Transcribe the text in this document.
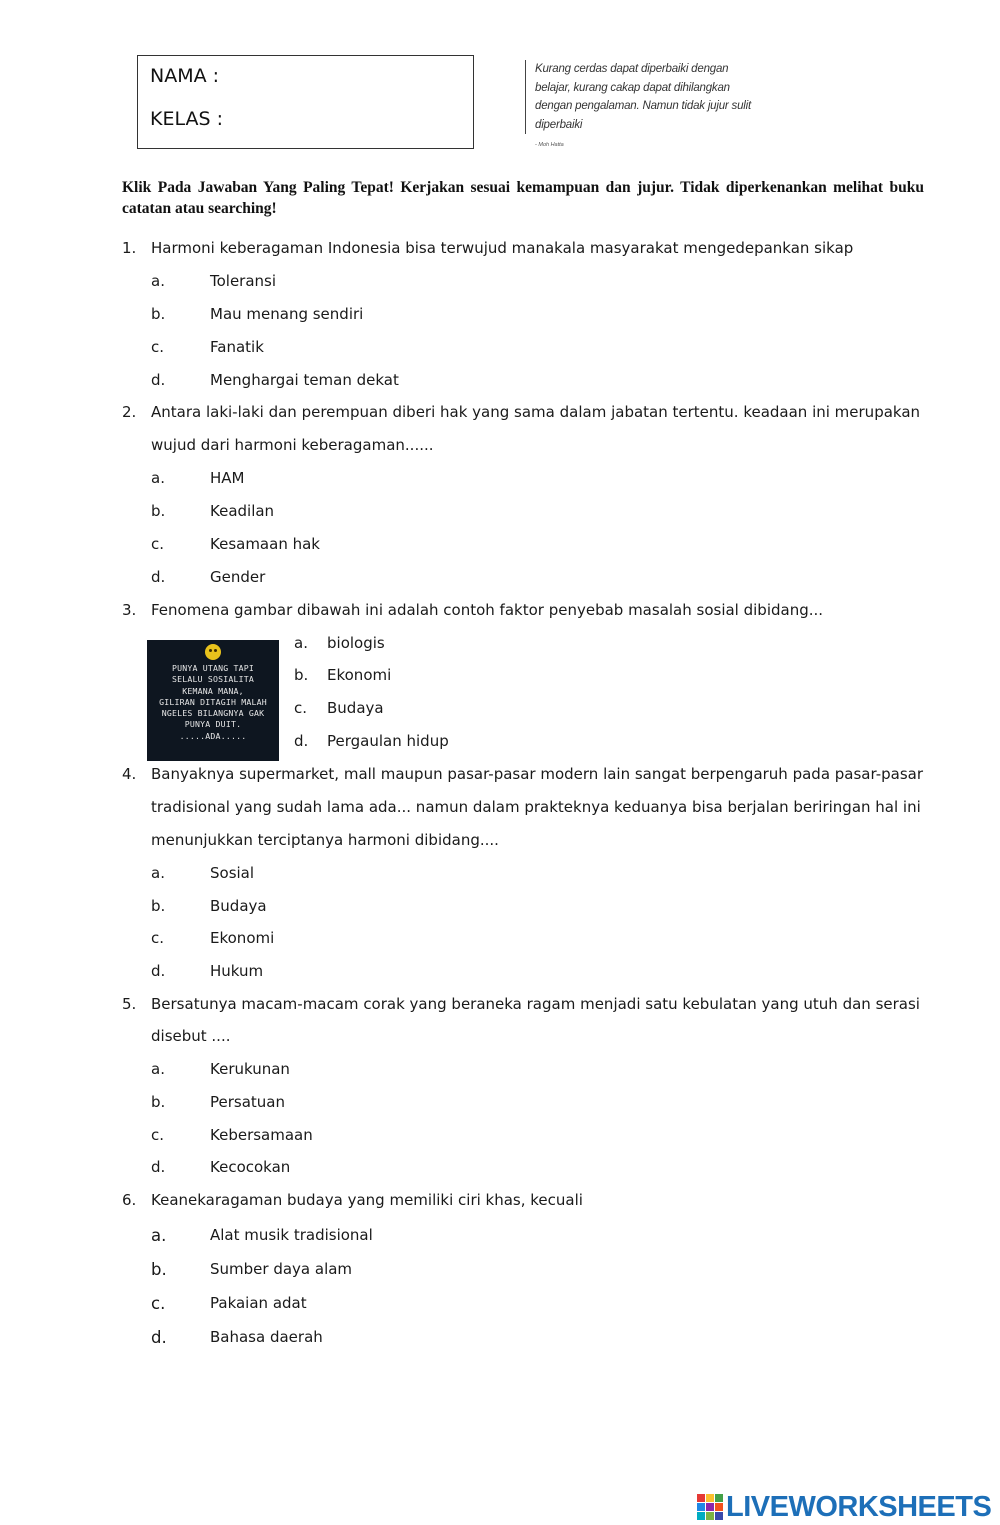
NAMA :
KELAS :
Kurang cerdas dapat diperbaiki dengan
belajar, kurang cakap dapat dihilangkan
dengan pengalaman. Namun tidak jujur sulit
diperbaiki
- Moh Hatta
Klik Pada Jawaban Yang Paling Tepat! Kerjakan sesuai kemampuan dan jujur. Tidak diperkenankan melihat buku catatan atau searching!
1. Harmoni keberagaman Indonesia bisa terwujud manakala masyarakat mengedepankan sikap
a.	Toleransi
b.	Mau menang sendiri
c.	Fanatik
d.	Menghargai teman dekat
2. Antara laki-laki dan perempuan diberi hak yang sama dalam jabatan tertentu. keadaan ini merupakan
wujud dari harmoni keberagaman......
a.	HAM
b.	Keadilan
c.	Kesamaan hak
d.	Gender
3. Fenomena gambar dibawah ini adalah contoh faktor penyebab masalah sosial dibidang...
PUNYA UTANG TAPI
SELALU SOSIALITA
KEMANA MANA,
GILIRAN DITAGIH MALAH
NGELES BILANGNYA GAK
PUNYA DUIT.
.....ADA.....
a. biologis
b. Ekonomi
c. Budaya
d. Pergaulan hidup
4. Banyaknya supermarket, mall maupun pasar-pasar modern lain sangat berpengaruh pada pasar-pasar
tradisional yang sudah lama ada... namun dalam prakteknya keduanya bisa berjalan beriringan hal ini
menunjukkan terciptanya harmoni dibidang....
a.	Sosial
b.	Budaya
c.	Ekonomi
d.	Hukum
5. Bersatunya macam-macam corak yang beraneka ragam menjadi satu kebulatan yang utuh dan serasi
disebut ....
a.	Kerukunan
b.	Persatuan
c.	Kebersamaan
d.	Kecocokan
6. Keanekaragaman budaya yang memiliki ciri khas, kecuali
a.	Alat musik tradisional
b.	Sumber daya alam
c.	Pakaian adat
d.	Bahasa daerah
LIVEWORKSHEETS
